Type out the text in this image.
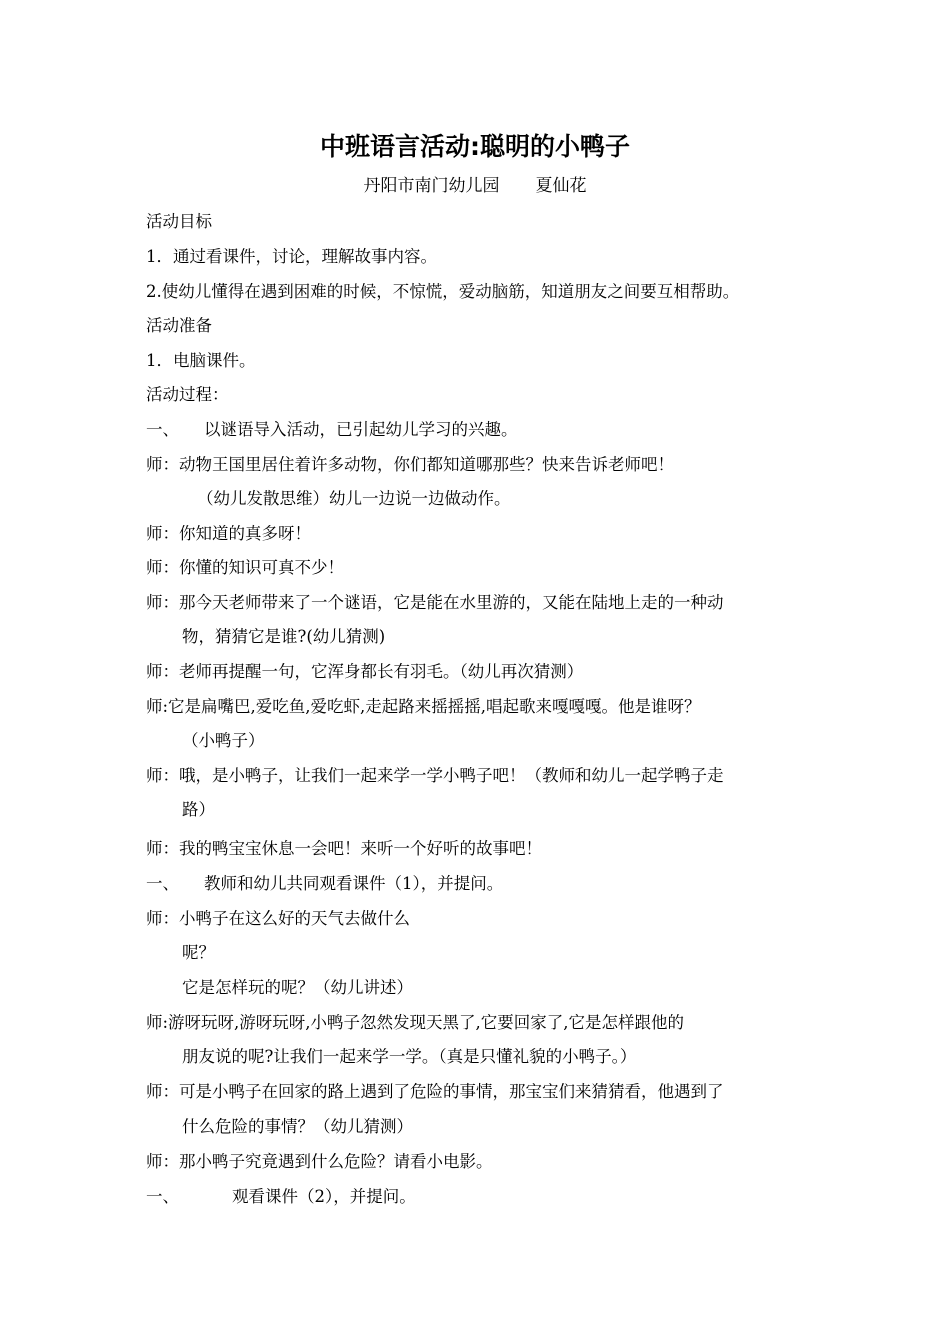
中班语言活动:聪明的小鸭子
丹阳市南门幼儿园 夏仙花
活动目标
1．通过看课件，讨论，理解故事内容。
2.使幼儿懂得在遇到困难的时候，不惊慌，爱动脑筋，知道朋友之间要互相帮助。
活动准备
1．电脑课件。
活动过程：
一、 以谜语导入活动，已引起幼儿学习的兴趣。
师：动物王国里居住着许多动物，你们都知道哪那些？快来告诉老师吧！
（幼儿发散思维）幼儿一边说一边做动作。
师：你知道的真多呀！
师：你懂的知识可真不少！
师：那今天老师带来了一个谜语，它是能在水里游的，又能在陆地上走的一种动
物，猜猜它是谁?(幼儿猜测)
师：老师再提醒一句，它浑身都长有羽毛。（幼儿再次猜测）
师:它是扁嘴巴,爱吃鱼,爱吃虾,走起路来摇摇摇,唱起歌来嘎嘎嘎。他是谁呀？
（小鸭子）
师：哦，是小鸭子，让我们一起来学一学小鸭子吧！（教师和幼儿一起学鸭子走
路）
师：我的鸭宝宝休息一会吧！来听一个好听的故事吧！
一、 教师和幼儿共同观看课件（1），并提问。
师：小鸭子在这么好的天气去做什么
呢？
它是怎样玩的呢？（幼儿讲述）
师:游呀玩呀,游呀玩呀,小鸭子忽然发现天黑了,它要回家了,它是怎样跟他的
朋友说的呢?让我们一起来学一学。（真是只懂礼貌的小鸭子。）
师：可是小鸭子在回家的路上遇到了危险的事情，那宝宝们来猜猜看，他遇到了
什么危险的事情？（幼儿猜测）
师：那小鸭子究竟遇到什么危险？请看小电影。
一、	观看课件（2），并提问。
